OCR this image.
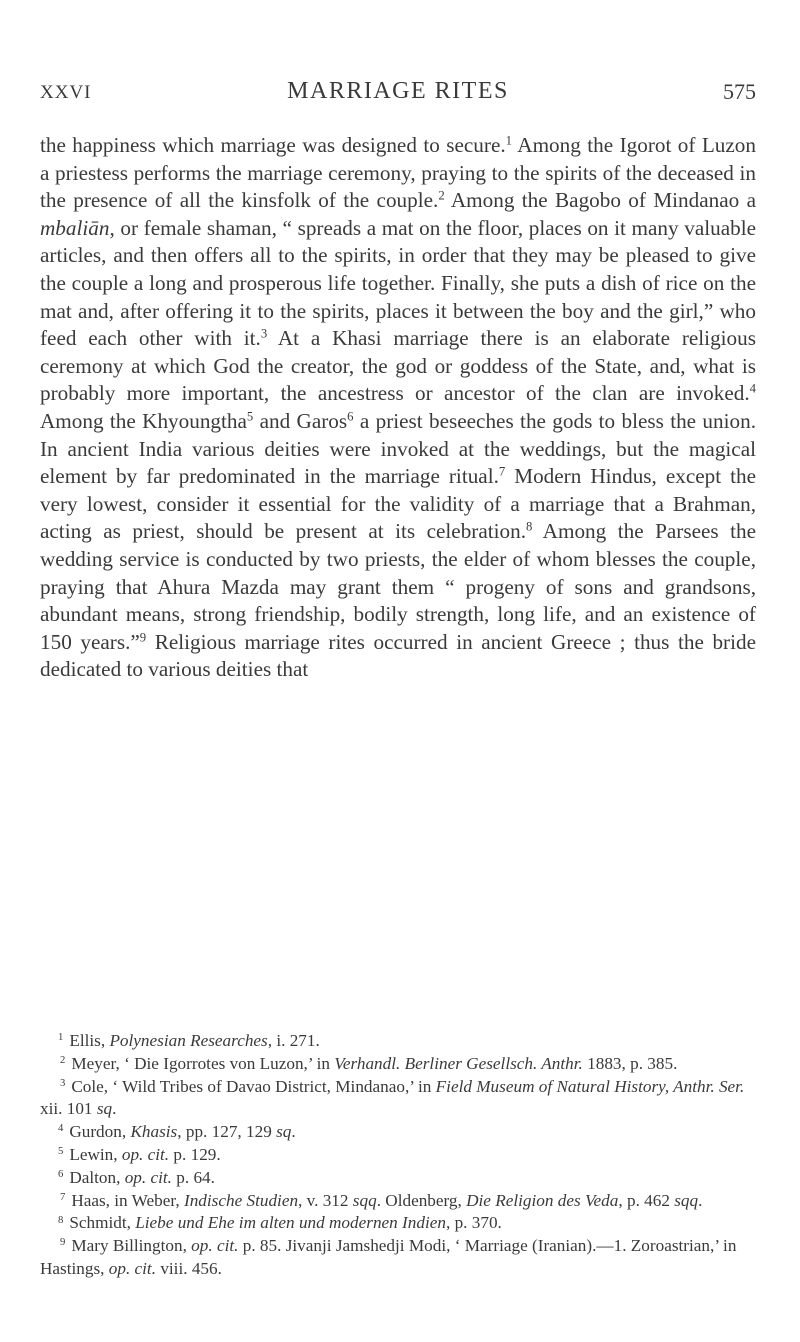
XXVI	MARRIAGE RITES	575

the happiness which marriage was designed to secure.$^1$ Among the Igorot of Luzon a priestess performs the marriage ceremony, praying to the spirits of the deceased in the presence of all the kinsfolk of the couple.$^2$ Among the Bagobo of Mindanao a mbaliān, or female shaman, “ spreads a mat on the floor, places on it many valuable articles, and then offers all to the spirits, in order that they may be pleased to give the couple a long and prosperous life together. Finally, she puts a dish of rice on the mat and, after offering it to the spirits, places it between the boy and the girl,” who feed each other with it.$^3$ At a Khasi marriage there is an elaborate religious ceremony at which God the creator, the god or goddess of the State, and, what is probably more important, the ancestress or ancestor of the clan are invoked.$^4$ Among the Khyoungtha$^5$ and Garos$^6$ a priest beseeches the gods to bless the union.

In ancient India various deities were invoked at the weddings, but the magical element by far predominated in the marriage ritual.$^7$ Modern Hindus, except the very lowest, consider it essential for the validity of a marriage that a Brahman, acting as priest, should be present at its celebration.$^8$ Among the Parsees the wedding service is conducted by two priests, the elder of whom blesses the couple, praying that Ahura Mazda may grant them “ progeny of sons and grandsons, abundant means, strong friendship, bodily strength, long life, and an existence of 150 years.”$^9$ Religious marriage rites occurred in ancient Greece ; thus the bride dedicated to various deities that

$^1$ Ellis, Polynesian Researches, i. 271.

$^2$ Meyer, ‘ Die Igorrotes von Luzon,’ in Verhandl. Berliner Gesellsch. Anthr. 1883, p. 385.

$^3$ Cole, ‘ Wild Tribes of Davao District, Mindanao,’ in Field Museum of Natural History, Anthr. Ser. xii. 101 sq.

$^4$ Gurdon, Khasis, pp. 127, 129 sq.

$^5$ Lewin, op. cit. p. 129.

$^6$ Dalton, op. cit. p. 64.

$^7$ Haas, in Weber, Indische Studien, v. 312 sqq. Oldenberg, Die Religion des Veda, p. 462 sqq.

$^8$ Schmidt, Liebe und Ehe im alten und modernen Indien, p. 370.

$^9$ Mary Billington, op. cit. p. 85. Jivanji Jamshedji Modi, ‘ Marriage (Iranian).—1. Zoroastrian,’ in Hastings, op. cit. viii. 456.
